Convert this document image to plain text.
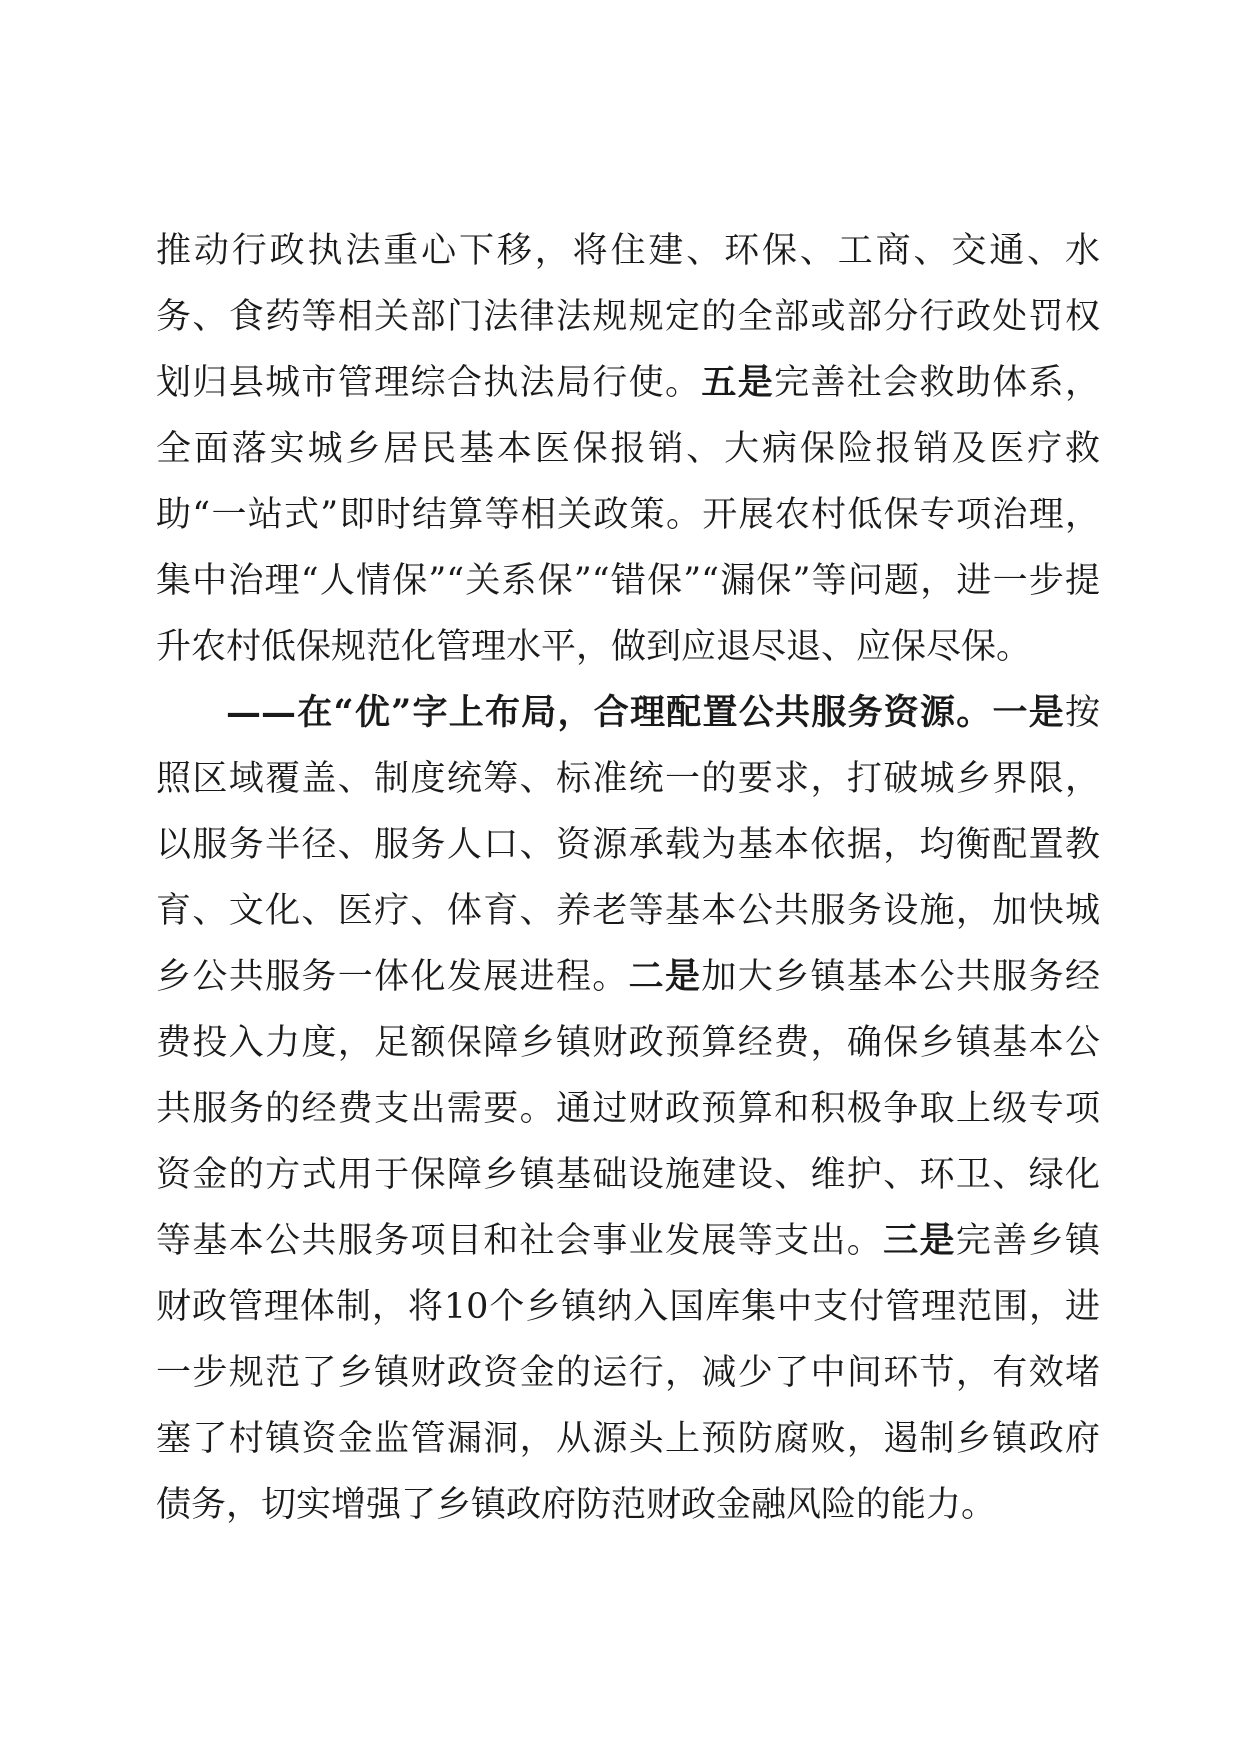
推动行政执法重心下移，将住建、环保、工商、交通、水务、食药等相关部门法律法规规定的全部或部分行政处罚权划归县城市管理综合执法局行使。五是完善社会救助体系，全面落实城乡居民基本医保报销、大病保险报销及医疗救助“一站式”即时结算等相关政策。开展农村低保专项治理，集中治理“人情保”“关系保”“错保”“漏保”等问题，进一步提升农村低保规范化管理水平，做到应退尽退、应保尽保。

——在“优”字上布局，合理配置公共服务资源。一是按照区域覆盖、制度统筹、标准统一的要求，打破城乡界限，以服务半径、服务人口、资源承载为基本依据，均衡配置教育、文化、医疗、体育、养老等基本公共服务设施，加快城乡公共服务一体化发展进程。二是加大乡镇基本公共服务经费投入力度，足额保障乡镇财政预算经费，确保乡镇基本公共服务的经费支出需要。通过财政预算和积极争取上级专项资金的方式用于保障乡镇基础设施建设、维护、环卫、绿化等基本公共服务项目和社会事业发展等支出。三是完善乡镇财政管理体制，将10个乡镇纳入国库集中支付管理范围，进一步规范了乡镇财政资金的运行，减少了中间环节，有效堵塞了村镇资金监管漏洞，从源头上预防腐败，遏制乡镇政府债务，切实增强了乡镇政府防范财政金融风险的能力。
